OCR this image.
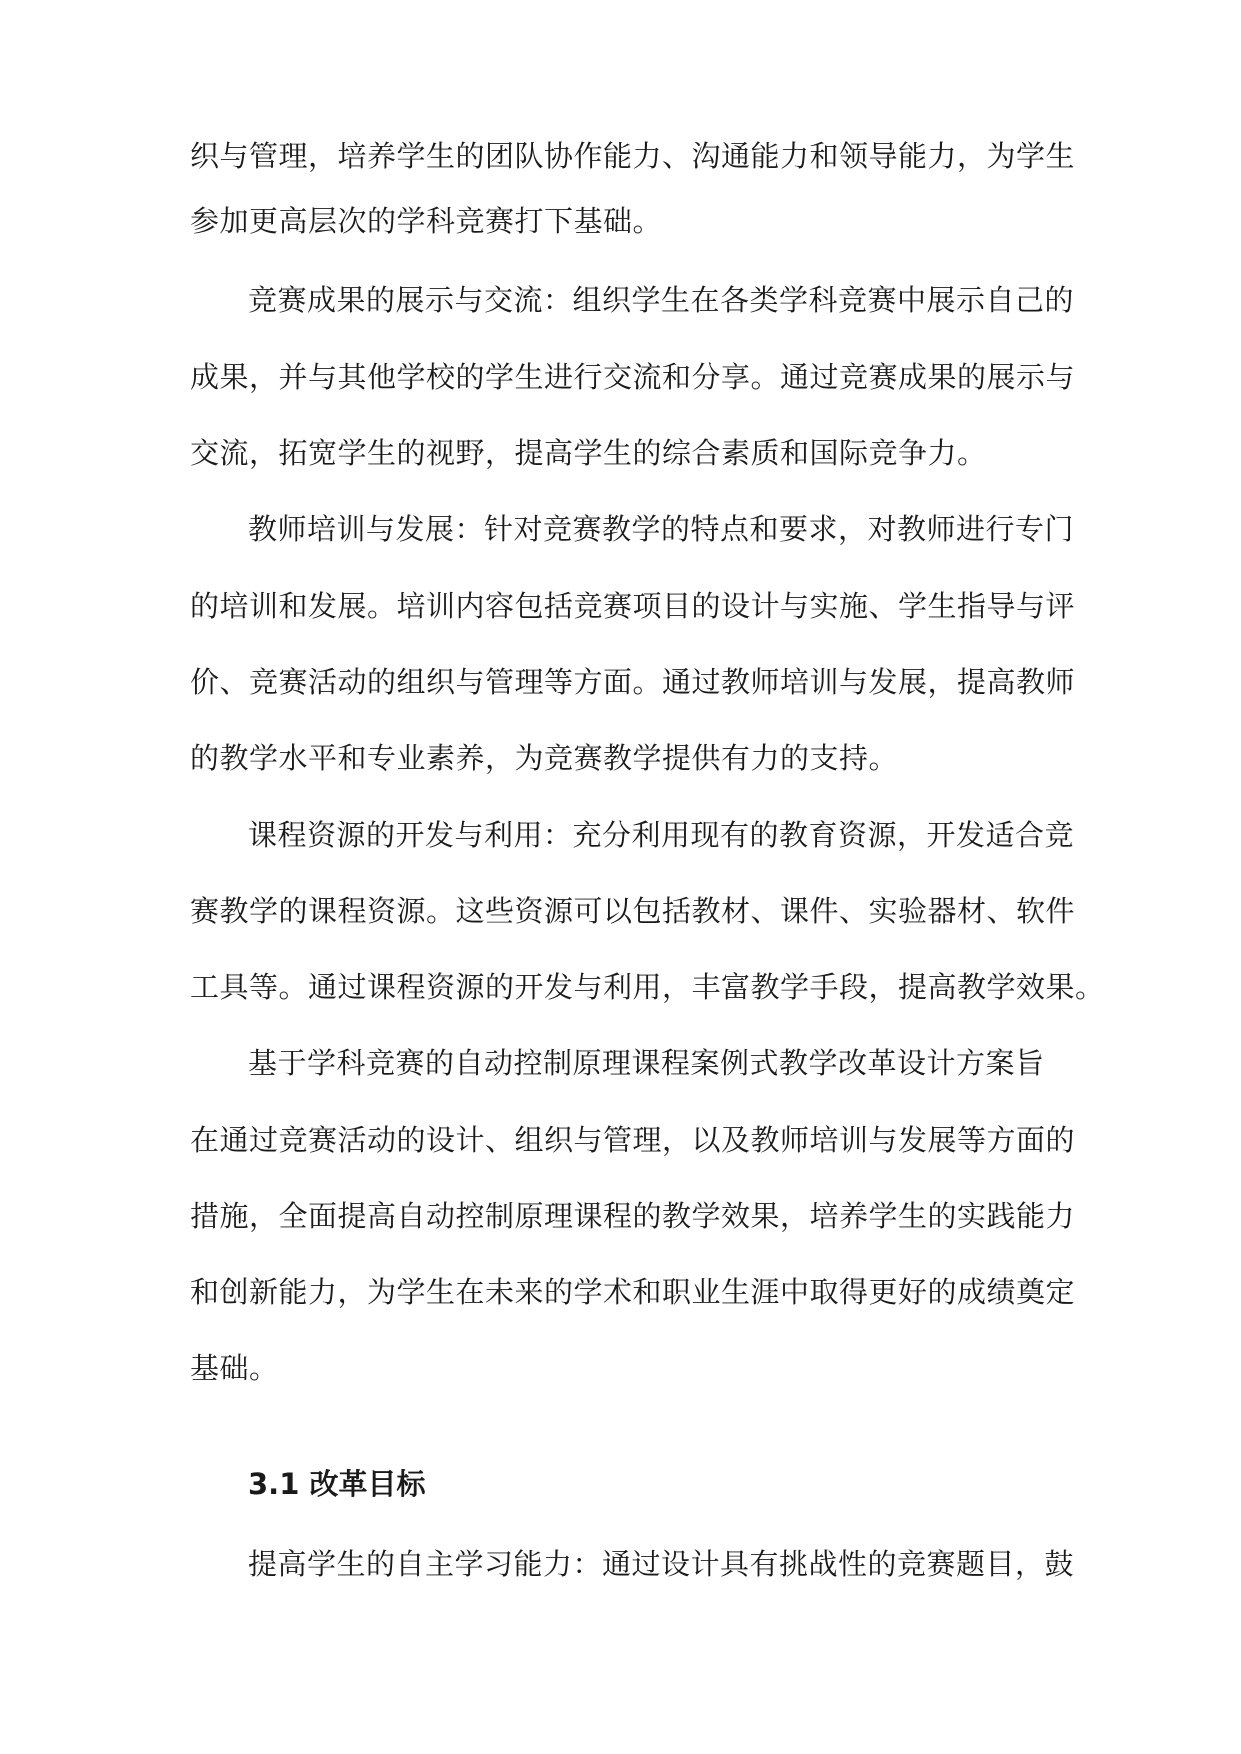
织与管理，培养学生的团队协作能力、沟通能力和领导能力，为学生
参加更高层次的学科竞赛打下基础。
竞赛成果的展示与交流：组织学生在各类学科竞赛中展示自己的
成果，并与其他学校的学生进行交流和分享。通过竞赛成果的展示与
交流，拓宽学生的视野，提高学生的综合素质和国际竞争力。
教师培训与发展：针对竞赛教学的特点和要求，对教师进行专门
的培训和发展。培训内容包括竞赛项目的设计与实施、学生指导与评
价、竞赛活动的组织与管理等方面。通过教师培训与发展，提高教师
的教学水平和专业素养，为竞赛教学提供有力的支持。
课程资源的开发与利用：充分利用现有的教育资源，开发适合竞
赛教学的课程资源。这些资源可以包括教材、课件、实验器材、软件
工具等。通过课程资源的开发与利用，丰富教学手段，提高教学效果。
基于学科竞赛的自动控制原理课程案例式教学改革设计方案旨
在通过竞赛活动的设计、组织与管理，以及教师培训与发展等方面的
措施，全面提高自动控制原理课程的教学效果，培养学生的实践能力
和创新能力，为学生在未来的学术和职业生涯中取得更好的成绩奠定
基础。
3.1 改革目标
提高学生的自主学习能力：通过设计具有挑战性的竞赛题目，鼓
